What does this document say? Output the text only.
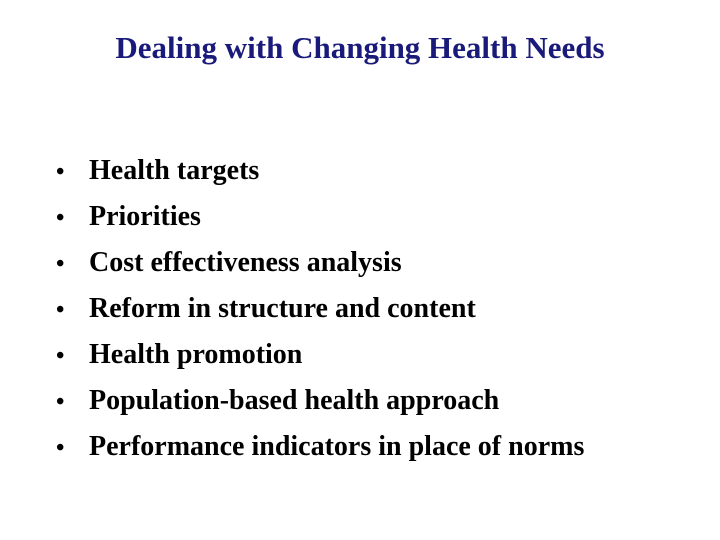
Dealing with Changing Health Needs
• Health targets
• Priorities
• Cost effectiveness analysis
• Reform in structure and content
• Health promotion
• Population-based health approach
• Performance indicators in place of norms
